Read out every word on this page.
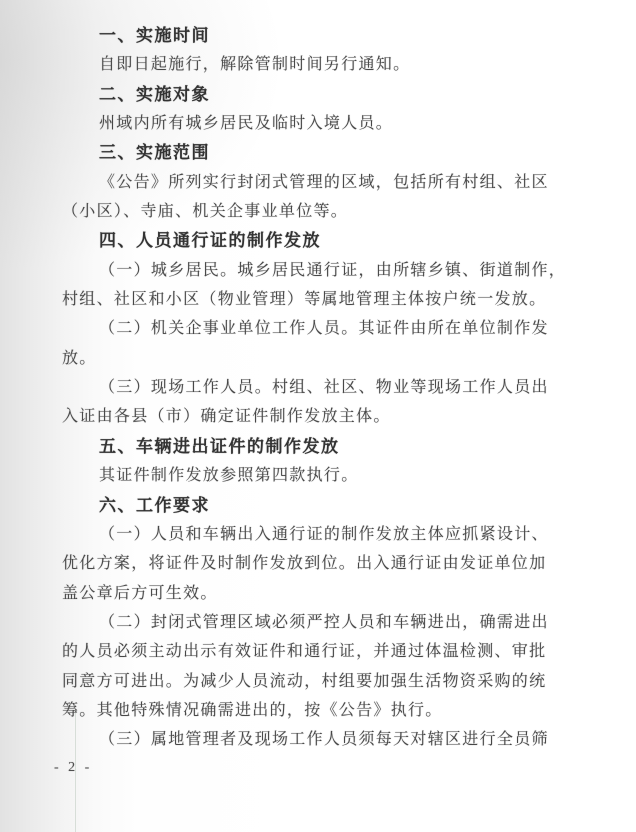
一、实施时间
自即日起施行，解除管制时间另行通知。
二、实施对象
州域内所有城乡居民及临时入境人员。
三、实施范围
《公告》所列实行封闭式管理的区域，包括所有村组、社区
（小区）、寺庙、机关企事业单位等。
四、人员通行证的制作发放
（一）城乡居民。城乡居民通行证，由所辖乡镇、街道制作，
村组、社区和小区（物业管理）等属地管理主体按户统一发放。
（二）机关企事业单位工作人员。其证件由所在单位制作发
放。
（三）现场工作人员。村组、社区、物业等现场工作人员出
入证由各县（市）确定证件制作发放主体。
五、车辆进出证件的制作发放
其证件制作发放参照第四款执行。
六、工作要求
（一）人员和车辆出入通行证的制作发放主体应抓紧设计、
优化方案，将证件及时制作发放到位。出入通行证由发证单位加
盖公章后方可生效。
（二）封闭式管理区域必须严控人员和车辆进出，确需进出
的人员必须主动出示有效证件和通行证，并通过体温检测、审批
同意方可进出。为减少人员流动，村组要加强生活物资采购的统
筹。其他特殊情况确需进出的，按《公告》执行。
（三）属地管理者及现场工作人员须每天对辖区进行全员筛
- 2 -
